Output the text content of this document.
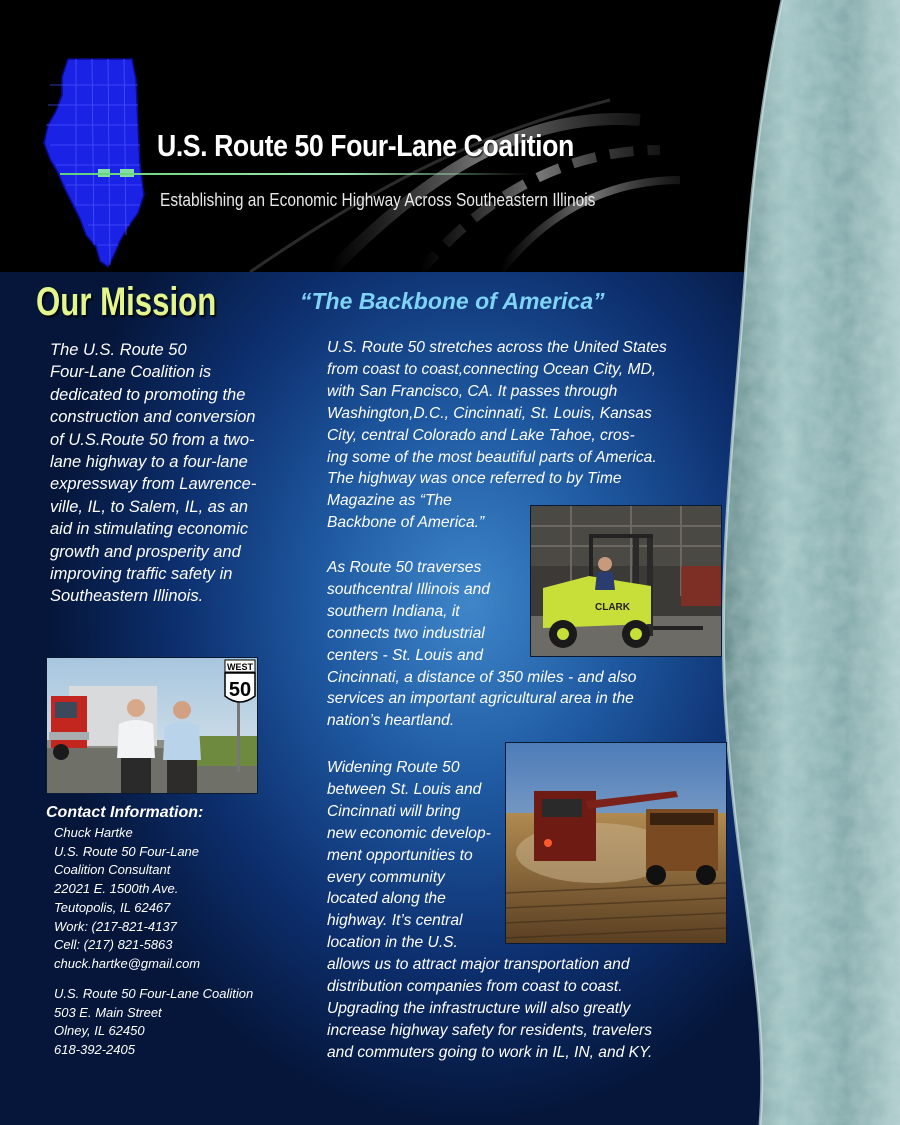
U.S. Route 50 Four-Lane Coalition
Establishing an Economic Highway Across Southeastern Illinois
Our Mission
The U.S. Route 50
Four-Lane Coalition is
dedicated to promoting the
construction and conversion
of U.S.Route 50 from a two-
lane highway to a four-lane
expressway from Lawrence-
ville, IL, to Salem, IL, as an
aid in stimulating economic
growth and prosperity and
improving traffic safety in
Southeastern Illinois.
“The Backbone of America”
U.S. Route 50 stretches across the United States
from coast to coast,connecting Ocean City, MD,
with San Francisco, CA. It passes through
Washington,D.C., Cincinnati, St. Louis, Kansas
City, central Colorado and Lake Tahoe, cros-
ing some of the most beautiful parts of America.
The highway was once referred to by Time
Magazine as “The
Backbone of America.”
As Route 50 traverses
southcentral Illinois and
southern Indiana, it
connects two industrial
centers - St. Louis and
Cincinnati, a distance of 350 miles - and also
services an important agricultural area in the
nation’s heartland.
Widening Route 50
between St. Louis and
Cincinnati will bring
new economic develop-
ment opportunities to
every community
located along the
highway. It’s central
location in the U.S.
allows us to attract major transportation and
distribution companies from coast to coast.
Upgrading the infrastructure will also greatly
increase highway safety for residents, travelers
and commuters going to work in IL, IN, and KY.
WEST
50
CLARK
Contact Information:
Chuck Hartke
U.S. Route 50 Four-Lane
Coalition Consultant
22021 E. 1500th Ave.
Teutopolis, IL 62467
Work: (217-821-4137
Cell: (217) 821-5863
chuck.hartke@gmail.com
U.S. Route 50 Four-Lane Coalition
503 E. Main Street
Olney, IL 62450
618-392-2405
